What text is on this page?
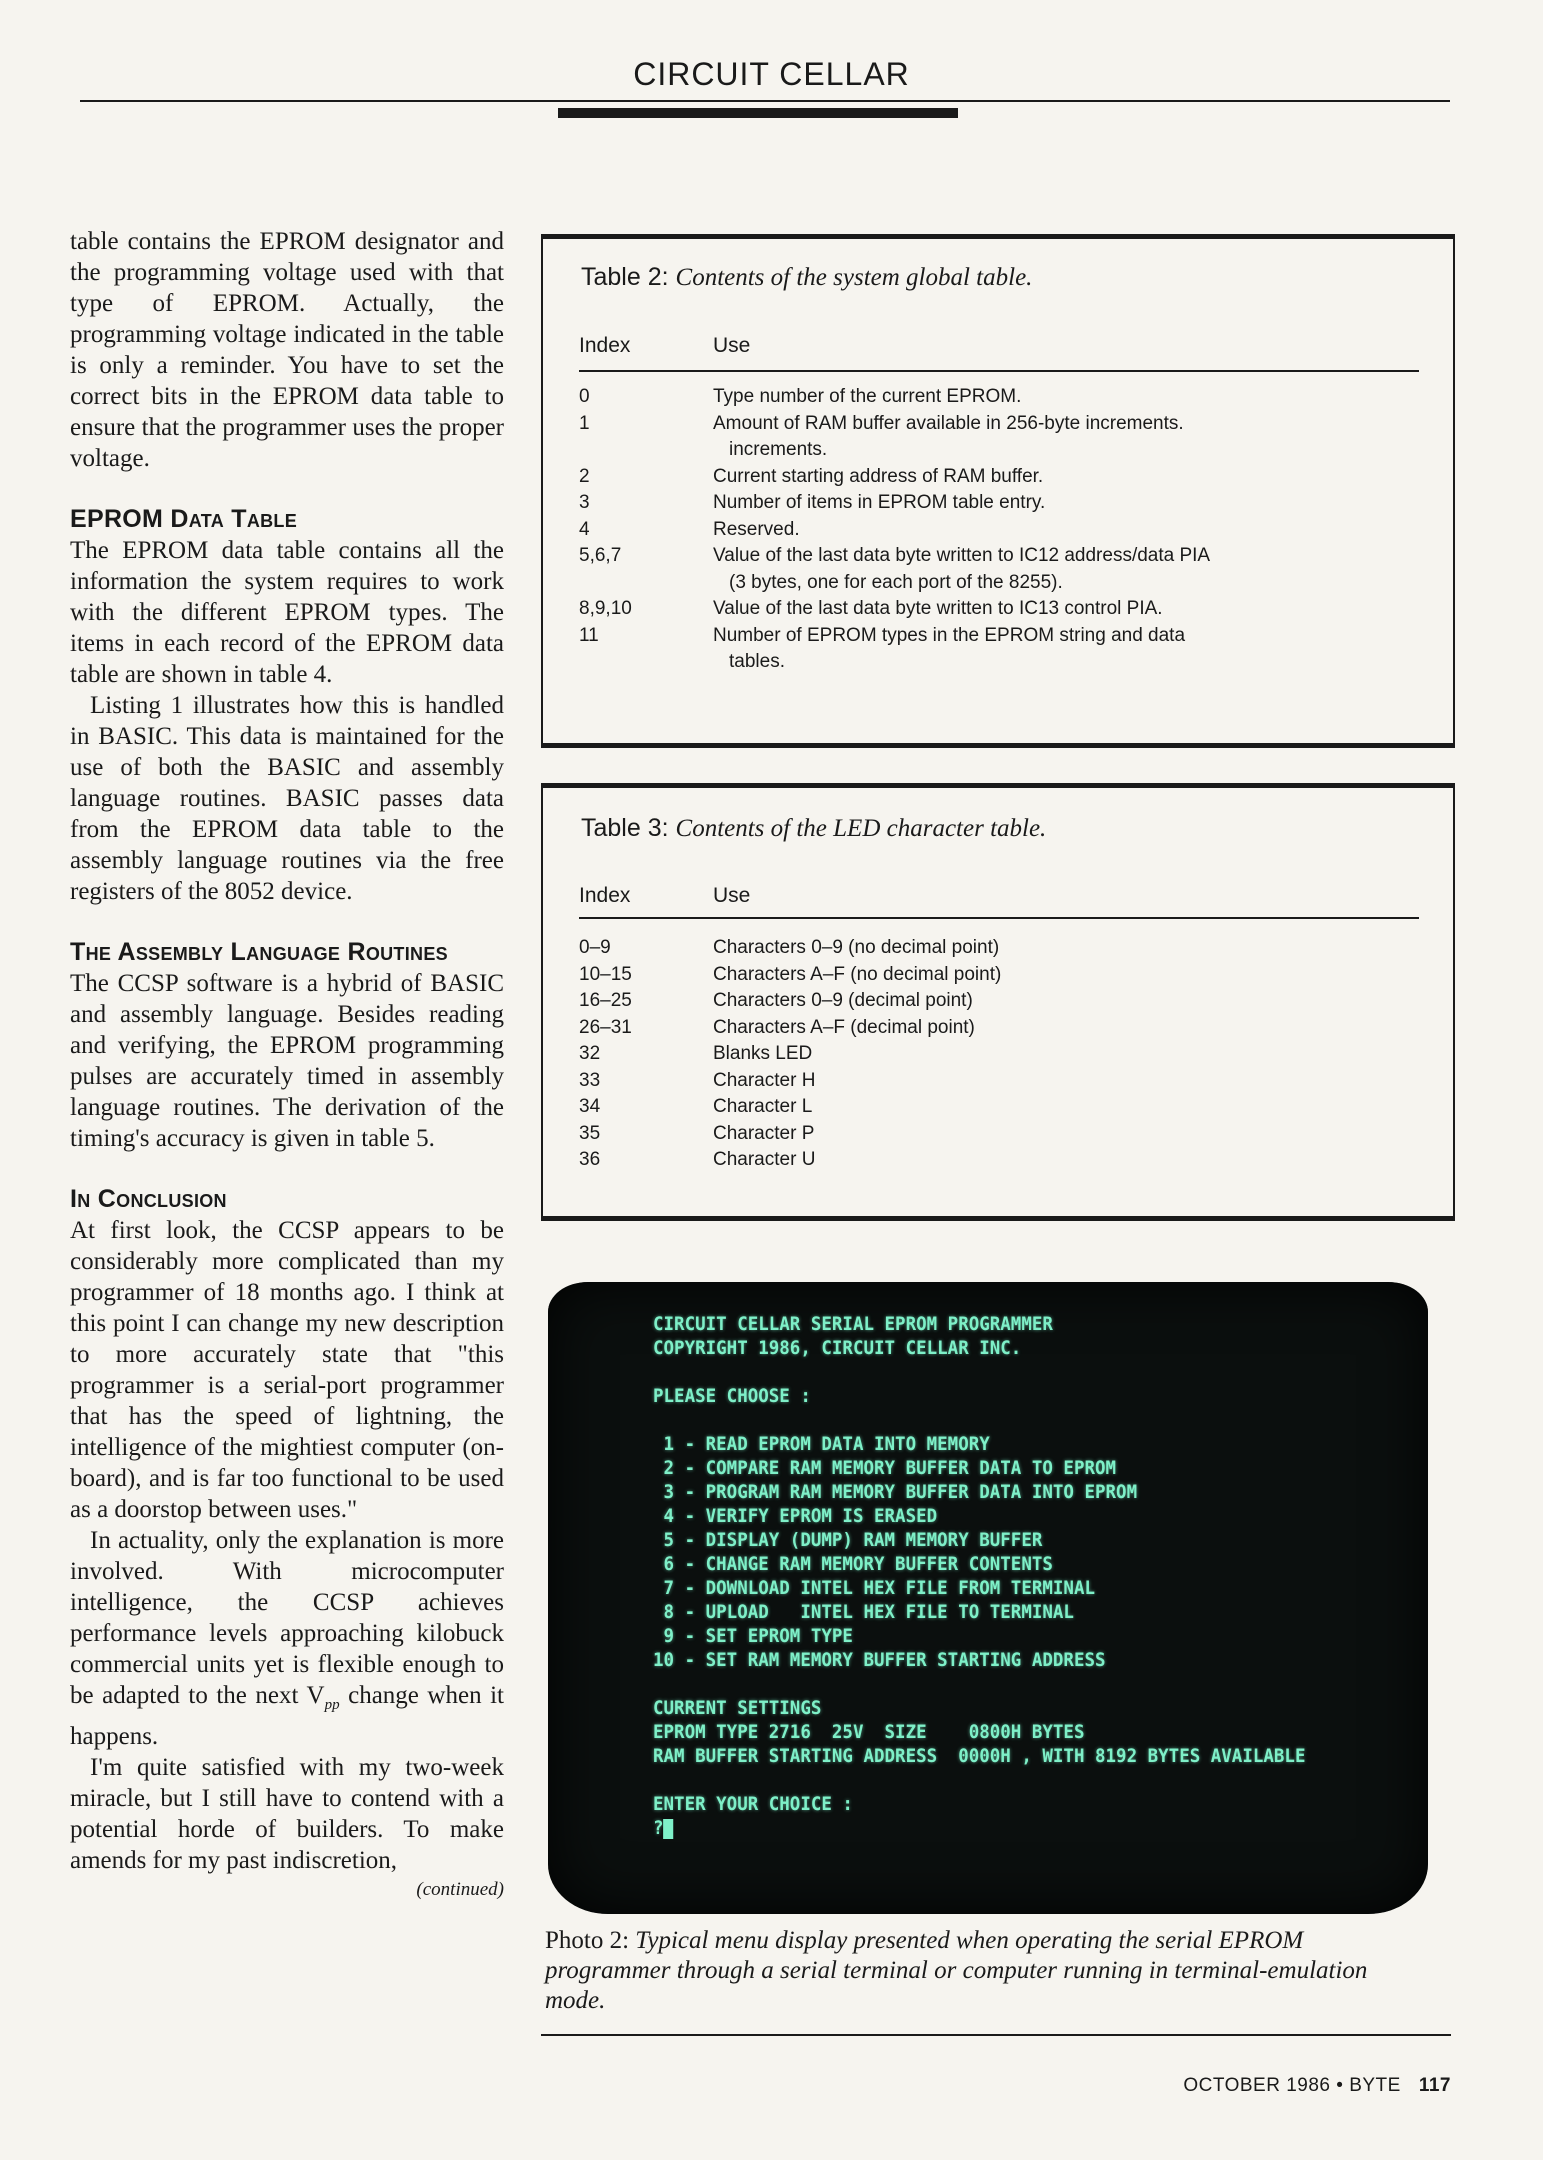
CIRCUIT CELLAR

table contains the EPROM designator and the programming voltage used with that type of EPROM. Actually, the programming voltage indicated in the table is only a reminder. You have to set the correct bits in the EPROM data table to ensure that the programmer uses the proper voltage.

EPROM Data Table

The EPROM data table contains all the information the system requires to work with the different EPROM types. The items in each record of the EPROM data table are shown in table 4.

Listing 1 illustrates how this is handled in BASIC. This data is maintained for the use of both the BASIC and assembly language routines. BASIC passes data from the EPROM data table to the assembly language routines via the free registers of the 8052 device.

The Assembly Language Routines

The CCSP software is a hybrid of BASIC and assembly language. Besides reading and verifying, the EPROM programming pulses are accurately timed in assembly language routines. The derivation of the timing's accuracy is given in table 5.

In Conclusion

At first look, the CCSP appears to be considerably more complicated than my programmer of 18 months ago. I think at this point I can change my new description to more accurately state that "this programmer is a serial-port programmer that has the speed of lightning, the intelligence of the mightiest computer (on-board), and is far too functional to be used as a doorstop between uses."

In actuality, only the explanation is more involved. With microcomputer intelligence, the CCSP achieves performance levels approaching kilobuck commercial units yet is flexible enough to be adapted to the next $V_{pp}$ change when it happens.

I'm quite satisfied with my two-week miracle, but I still have to contend with a potential horde of builders. To make amends for my past indiscretion,

(continued)
Table 2: Contents of the system global table.
Index	Use
0	Type number of the current EPROM.
1	Amount of RAM buffer available in 256-byte increments.
increments.
2	Current starting address of RAM buffer.
3	Number of items in EPROM table entry.
4	Reserved.
5,6,7	Value of the last data byte written to IC12 address/data PIA
(3 bytes, one for each port of the 8255).
8,9,10	Value of the last data byte written to IC13 control PIA.
11	Number of EPROM types in the EPROM string and data
tables.
Table 3: Contents of the LED character table.
Index	Use
0–9	Characters 0–9 (no decimal point)
10–15	Characters A–F (no decimal point)
16–25	Characters 0–9 (decimal point)
26–31	Characters A–F (decimal point)
32	Blanks LED
33	Character H
34	Character L
35	Character P
36	Character U
CIRCUIT CELLAR SERIAL EPROM PROGRAMMER
COPYRIGHT 1986, CIRCUIT CELLAR INC.
PLEASE CHOOSE :
1 - READ EPROM DATA INTO MEMORY
2 - COMPARE RAM MEMORY BUFFER DATA TO EPROM
3 - PROGRAM RAM MEMORY BUFFER DATA INTO EPROM
4 - VERIFY EPROM IS ERASED
5 - DISPLAY (DUMP) RAM MEMORY BUFFER
6 - CHANGE RAM MEMORY BUFFER CONTENTS
7 - DOWNLOAD INTEL HEX FILE FROM TERMINAL
8 - UPLOAD   INTEL HEX FILE TO TERMINAL
9 - SET EPROM TYPE
10 - SET RAM MEMORY BUFFER STARTING ADDRESS
CURRENT SETTINGS
EPROM TYPE 2716  25V  SIZE    0800H BYTES
RAM BUFFER STARTING ADDRESS  0000H , WITH 8192 BYTES AVAILABLE
ENTER YOUR CHOICE :
?
Photo 2: Typical menu display presented when operating the serial EPROM programmer through a serial terminal or computer running in terminal-emulation mode.
OCTOBER 1986 • BYTE 117
